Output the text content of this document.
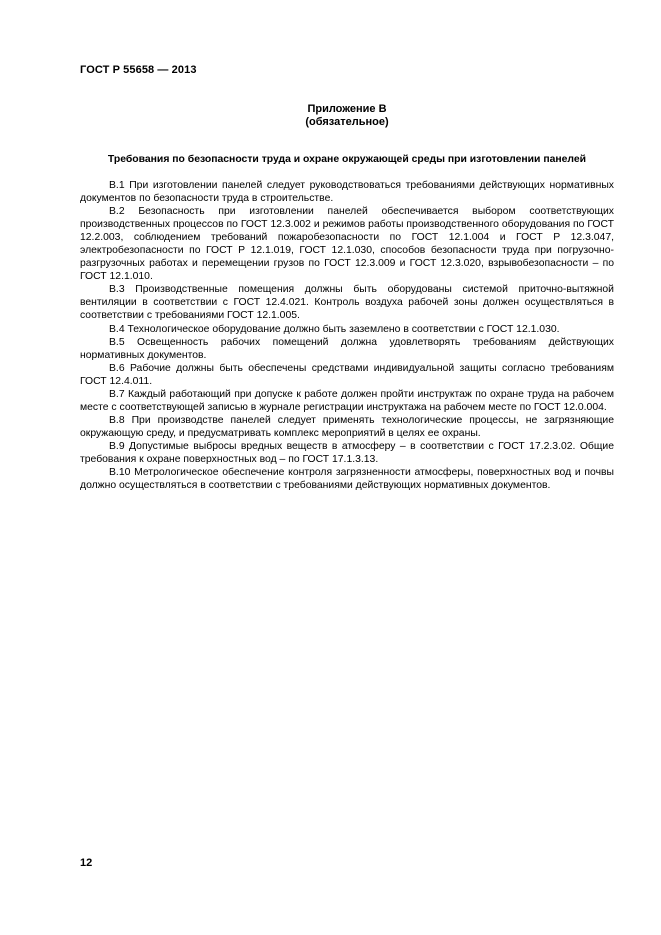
ГОСТ Р 55658 — 2013
Приложение В
(обязательное)
Требования по безопасности труда и охране окружающей среды при изготовлении панелей

В.1 При изготовлении панелей следует руководствоваться требованиями действующих нормативных документов по безопасности труда в строительстве.

В.2 Безопасность при изготовлении панелей обеспечивается выбором соответствующих производственных процессов по ГОСТ 12.3.002 и режимов работы производственного оборудования по ГОСТ 12.2.003, соблюдением требований пожаробезопасности по ГОСТ 12.1.004 и ГОСТ Р 12.3.047, электробезопасности по ГОСТ Р 12.1.019, ГОСТ 12.1.030, способов безопасности труда при погрузочно-разгрузочных работах и перемещении грузов по ГОСТ 12.3.009 и ГОСТ 12.3.020, взрывобезопасности – по ГОСТ 12.1.010.

В.3 Производственные помещения должны быть оборудованы системой приточно-вытяжной вентиляции в соответствии с ГОСТ 12.4.021. Контроль воздуха рабочей зоны должен осуществляться в соответствии с требованиями ГОСТ 12.1.005.

В.4 Технологическое оборудование должно быть заземлено в соответствии с ГОСТ 12.1.030.

В.5 Освещенность рабочих помещений должна удовлетворять требованиям действующих нормативных документов.

В.6 Рабочие должны быть обеспечены средствами индивидуальной защиты согласно требованиям ГОСТ 12.4.011.

В.7 Каждый работающий при допуске к работе должен пройти инструктаж по охране труда на рабочем месте с соответствующей записью в журнале регистрации инструктажа на рабочем месте по ГОСТ 12.0.004.

В.8 При производстве панелей следует применять технологические процессы, не загрязняющие окружающую среду, и предусматривать комплекс мероприятий в целях ее охраны.

В.9 Допустимые выбросы вредных веществ в атмосферу – в соответствии с ГОСТ 17.2.3.02. Общие требования к охране поверхностных вод – по ГОСТ 17.1.3.13.

В.10 Метрологическое обеспечение контроля загрязненности атмосферы, поверхностных вод и почвы должно осуществляться в соответствии с требованиями действующих нормативных документов.

12
